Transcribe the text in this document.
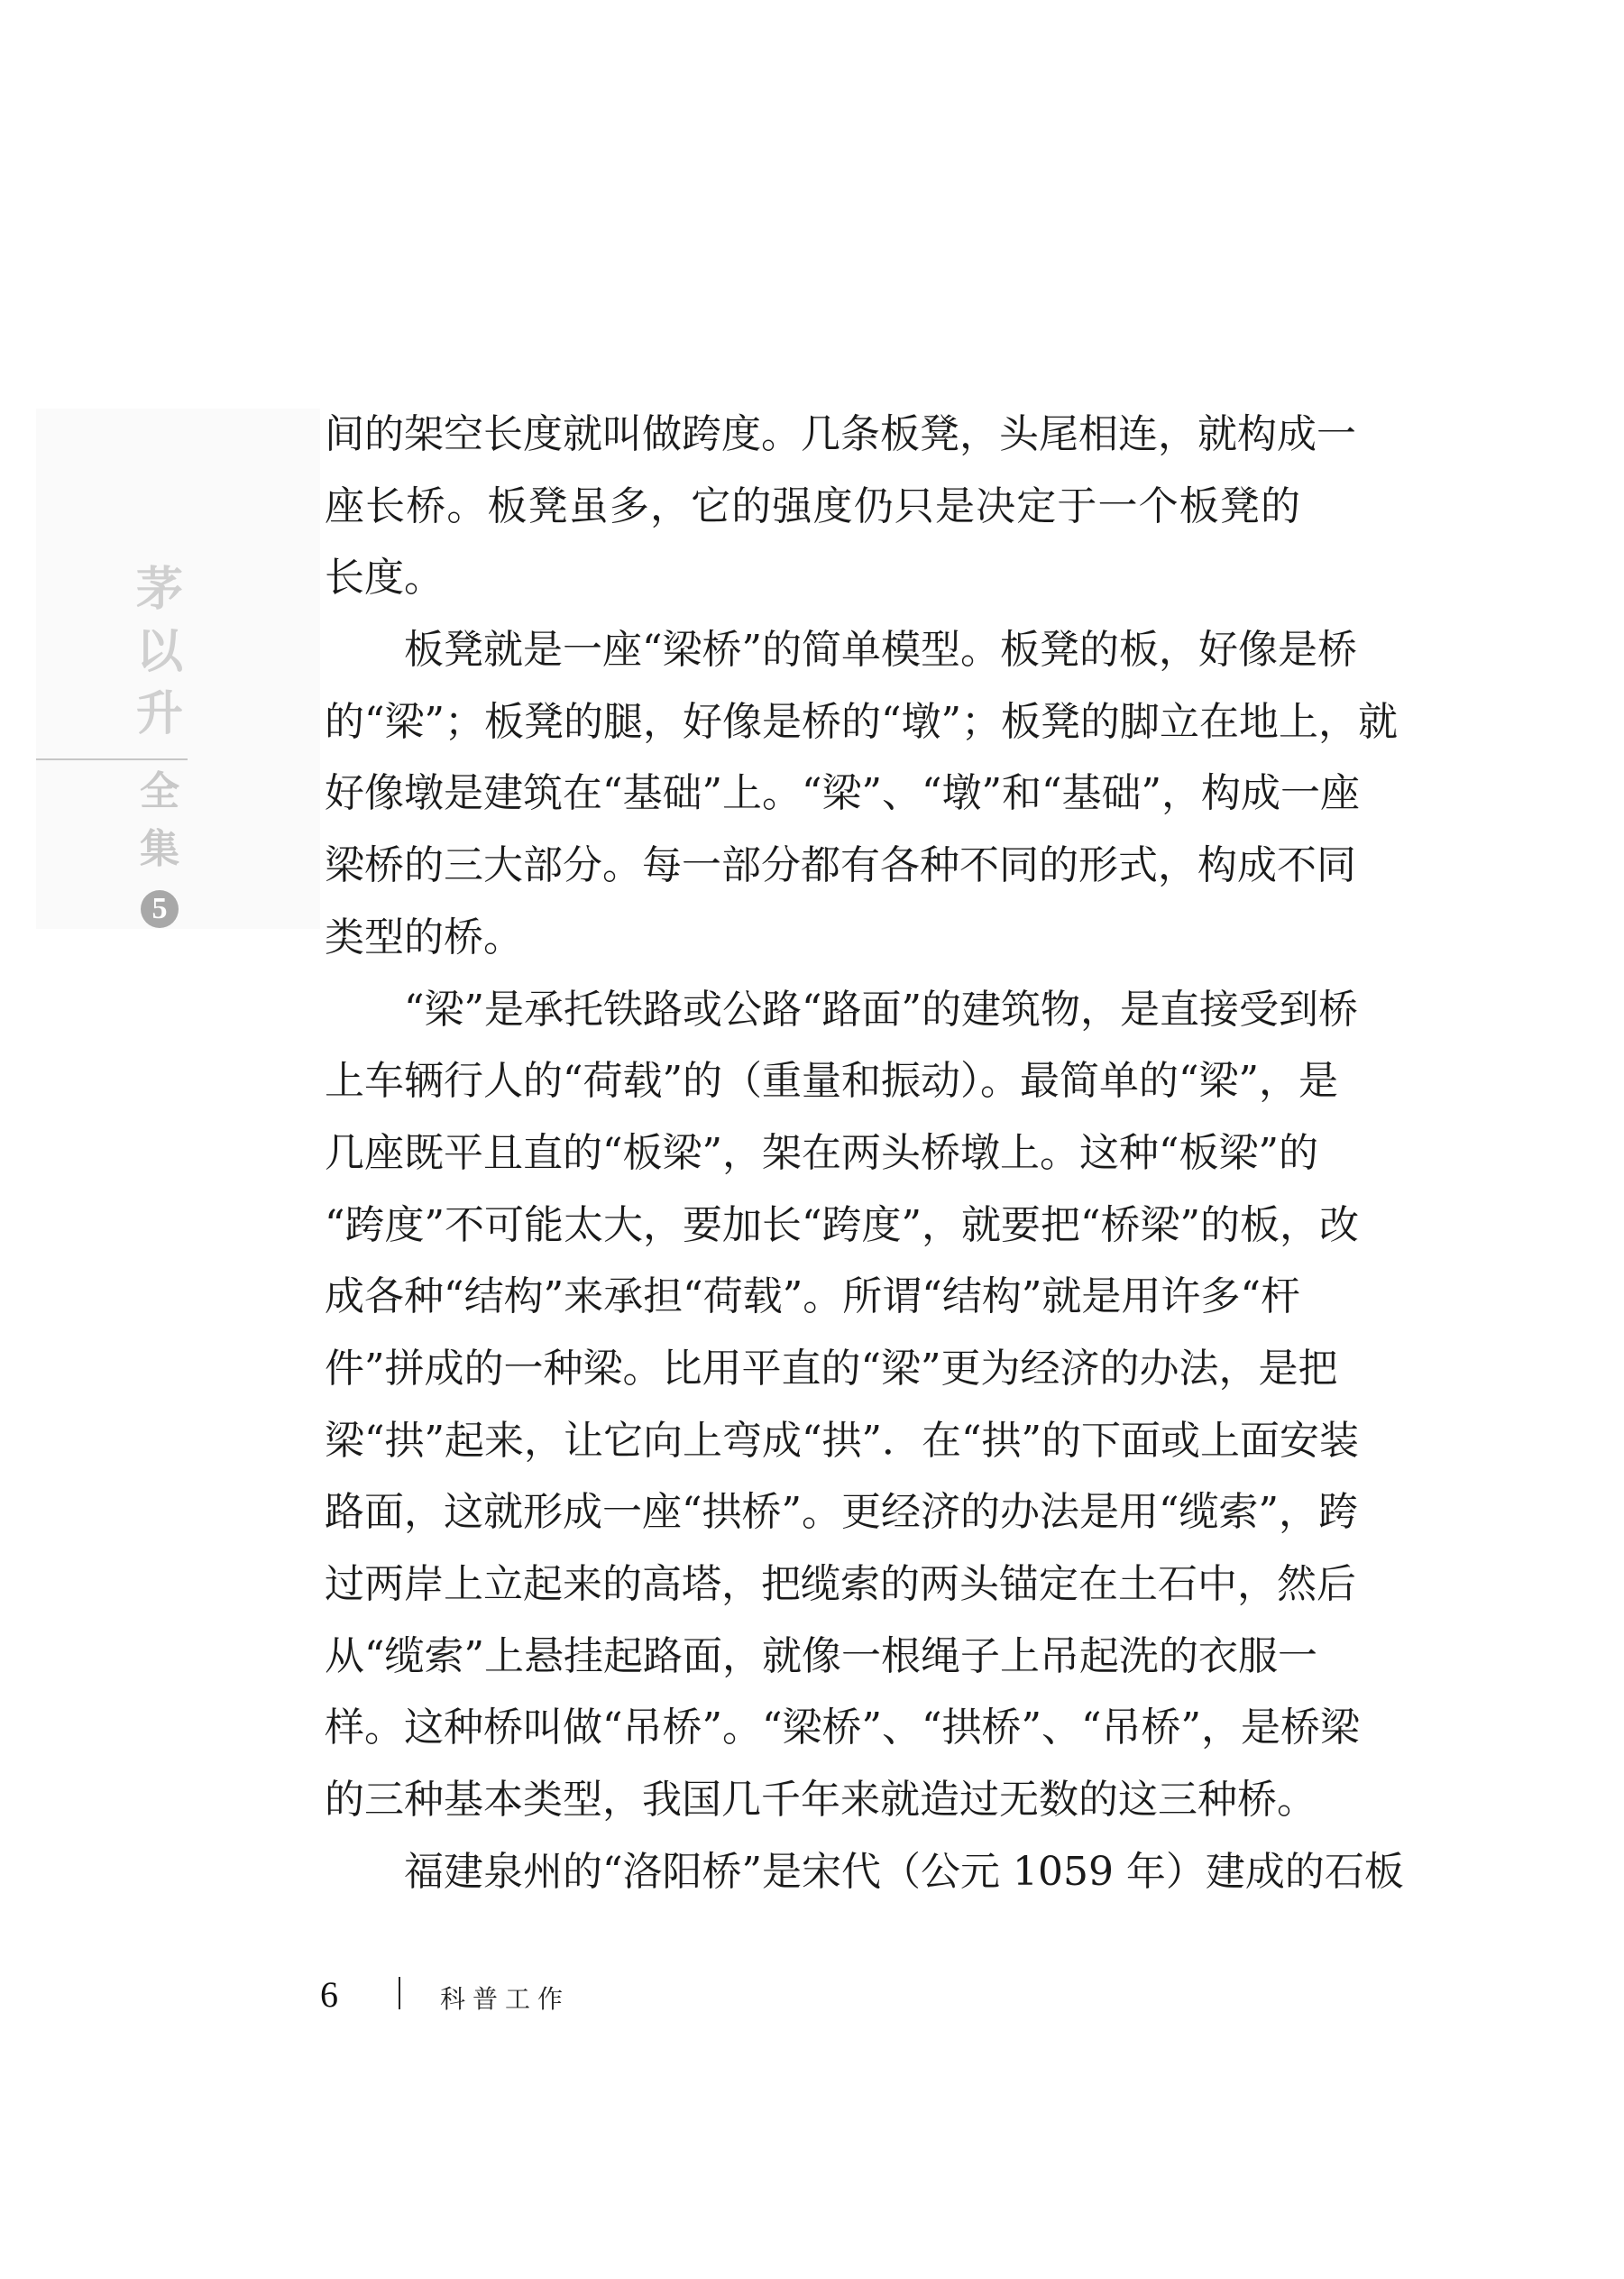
茅
以
升
全
集
5
间的架空长度就叫做跨度。几条板凳，头尾相连，就构成一
座长桥。板凳虽多，它的强度仍只是决定于一个板凳的
长度。
板凳就是一座“梁桥”的简单模型。板凳的板，好像是桥
的“梁”；板凳的腿，好像是桥的“墩”；板凳的脚立在地上，就
好像墩是建筑在“基础”上。“梁”、“墩”和“基础”，构成一座
梁桥的三大部分。每一部分都有各种不同的形式，构成不同
类型的桥。
“梁”是承托铁路或公路“路面”的建筑物，是直接受到桥
上车辆行人的“荷载”的（重量和振动）。最简单的“梁”，是
几座既平且直的“板梁”，架在两头桥墩上。这种“板梁”的
“跨度”不可能太大，要加长“跨度”，就要把“桥梁”的板，改
成各种“结构”来承担“荷载”。所谓“结构”就是用许多“杆
件”拼成的一种梁。比用平直的“梁”更为经济的办法，是把
梁“拱”起来，让它向上弯成“拱”．在“拱”的下面或上面安装
路面，这就形成一座“拱桥”。更经济的办法是用“缆索”，跨
过两岸上立起来的高塔，把缆索的两头锚定在土石中，然后
从“缆索”上悬挂起路面，就像一根绳子上吊起洗的衣服一
样。这种桥叫做“吊桥”。“梁桥”、“拱桥”、“吊桥”，是桥梁
的三种基本类型，我国几千年来就造过无数的这三种桥。
福建泉州的“洛阳桥”是宋代（公元 1059 年）建成的石板
6	科普工作
